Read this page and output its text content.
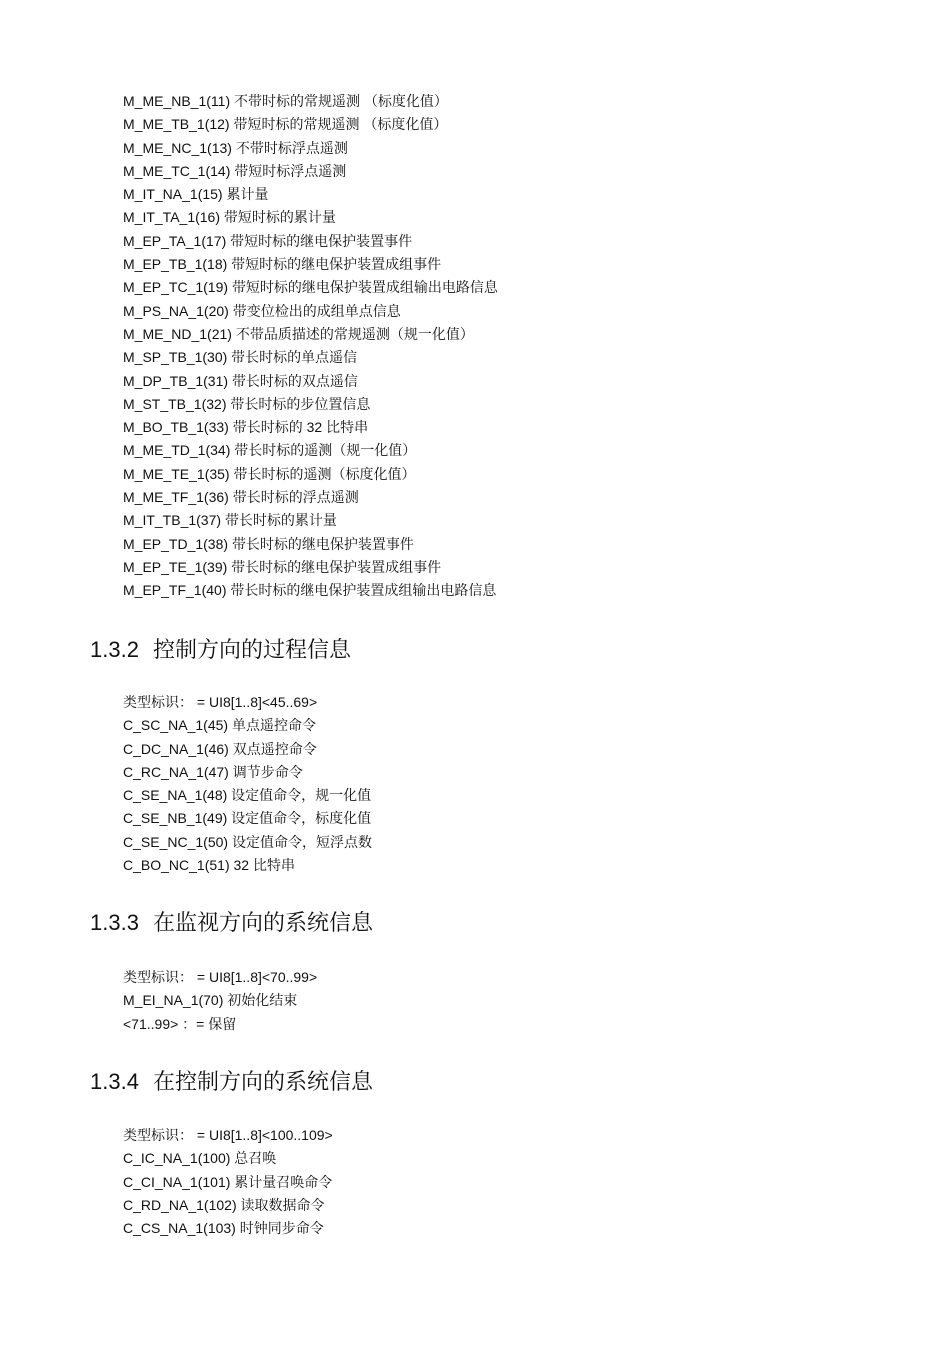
M_ME_NB_1(11) 不带时标的常规遥测 （标度化值）
M_ME_TB_1(12) 带短时标的常规遥测 （标度化值）
M_ME_NC_1(13) 不带时标浮点遥测
M_ME_TC_1(14) 带短时标浮点遥测
M_IT_NA_1(15) 累计量
M_IT_TA_1(16) 带短时标的累计量
M_EP_TA_1(17) 带短时标的继电保护装置事件
M_EP_TB_1(18) 带短时标的继电保护装置成组事件
M_EP_TC_1(19) 带短时标的继电保护装置成组输出电路信息
M_PS_NA_1(20) 带变位检出的成组单点信息
M_ME_ND_1(21) 不带品质描述的常规遥测（规一化值）
M_SP_TB_1(30) 带长时标的单点遥信
M_DP_TB_1(31) 带长时标的双点遥信
M_ST_TB_1(32) 带长时标的步位置信息
M_BO_TB_1(33) 带长时标的 32 比特串
M_ME_TD_1(34) 带长时标的遥测（规一化值）
M_ME_TE_1(35) 带长时标的遥测（标度化值）
M_ME_TF_1(36) 带长时标的浮点遥测
M_IT_TB_1(37) 带长时标的累计量
M_EP_TD_1(38) 带长时标的继电保护装置事件
M_EP_TE_1(39) 带长时标的继电保护装置成组事件
M_EP_TF_1(40) 带长时标的继电保护装置成组输出电路信息
1.3.2 控制方向的过程信息
类型标识： = UI8[1..8]<45..69>
C_SC_NA_1(45) 单点遥控命令
C_DC_NA_1(46) 双点遥控命令
C_RC_NA_1(47) 调节步命令
C_SE_NA_1(48) 设定值命令，规一化值
C_SE_NB_1(49) 设定值命令，标度化值
C_SE_NC_1(50) 设定值命令，短浮点数
C_BO_NC_1(51) 32 比特串
1.3.3 在监视方向的系统信息
类型标识： = UI8[1..8]<70..99>
M_EI_NA_1(70) 初始化结束
<71..99> ：= 保留
1.3.4 在控制方向的系统信息
类型标识： = UI8[1..8]<100..109>
C_IC_NA_1(100) 总召唤
C_CI_NA_1(101) 累计量召唤命令
C_RD_NA_1(102) 读取数据命令
C_CS_NA_1(103) 时钟同步命令
